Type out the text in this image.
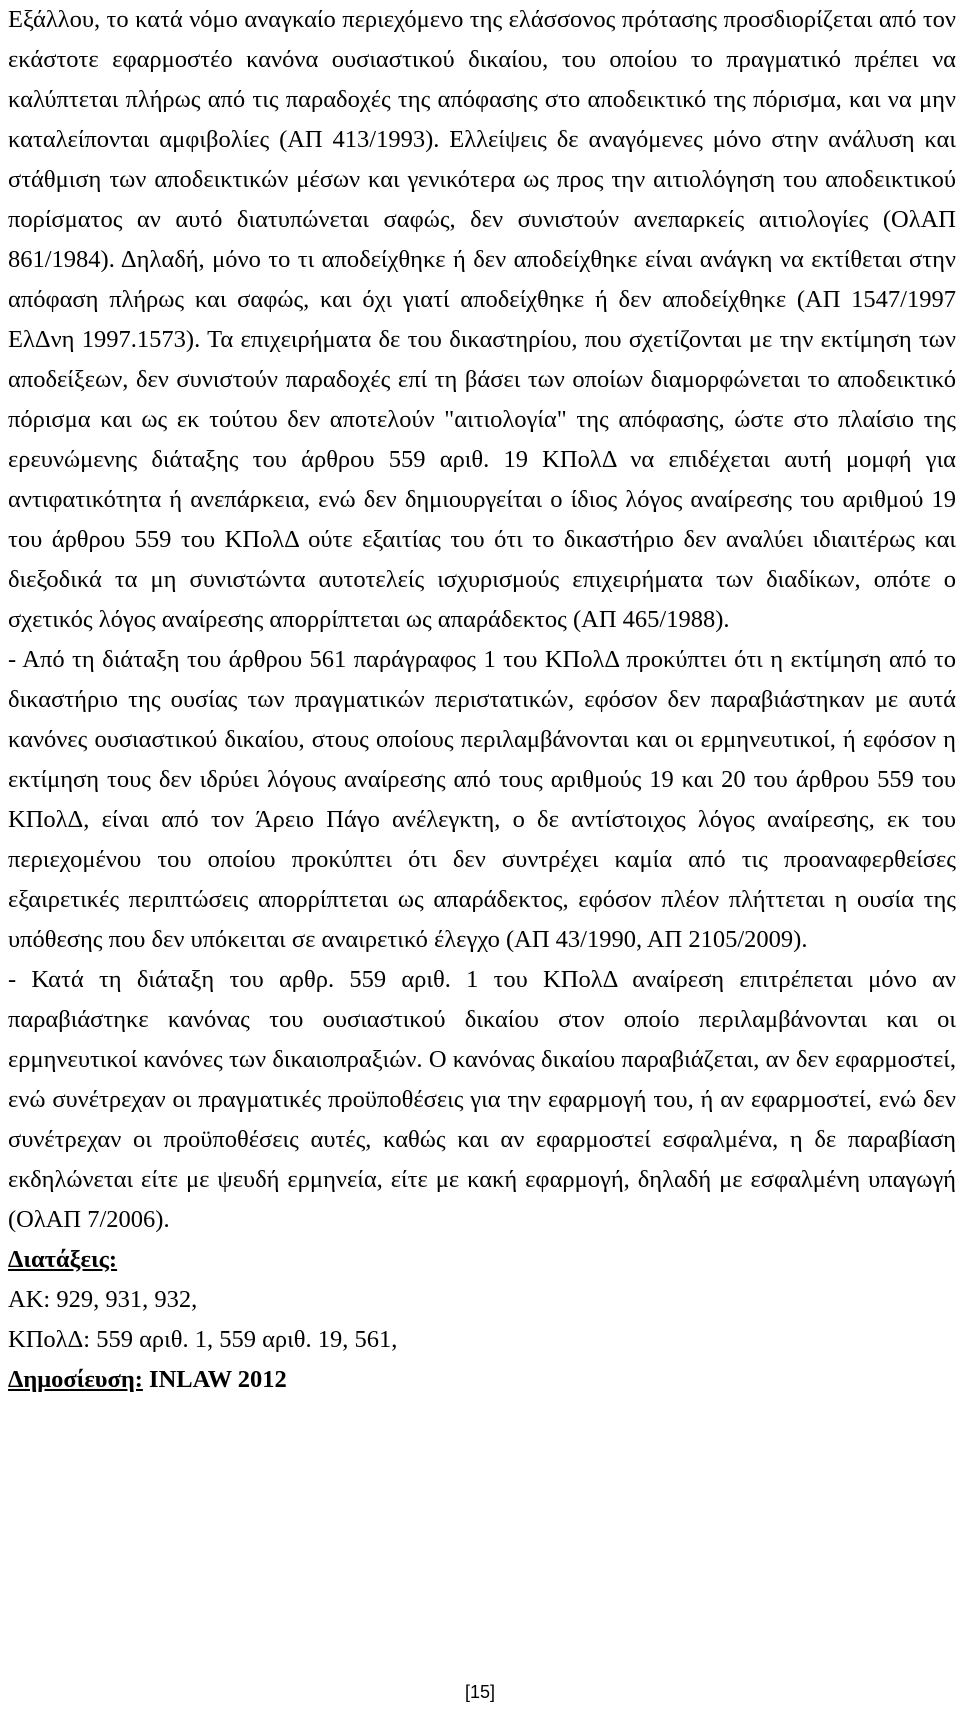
Εξάλλου, το κατά νόμο αναγκαίο περιεχόμενο της ελάσσονος πρότασης προσδιορίζεται από τον εκάστοτε εφαρμοστέο κανόνα ουσιαστικού δικαίου, του οποίου το πραγματικό πρέπει να καλύπτεται πλήρως από τις παραδοχές της απόφασης στο αποδεικτικό της πόρισμα, και να μην καταλείπονται αμφιβολίες (ΑΠ 413/1993). Ελλείψεις δε αναγόμενες μόνο στην ανάλυση και στάθμιση των αποδεικτικών μέσων και γενικότερα ως προς την αιτιολόγηση του αποδεικτικού πορίσματος αν αυτό διατυπώνεται σαφώς, δεν συνιστούν ανεπαρκείς αιτιολογίες (ΟλΑΠ 861/1984). Δηλαδή, μόνο το τι αποδείχθηκε ή δεν αποδείχθηκε είναι ανάγκη να εκτίθεται στην απόφαση πλήρως και σαφώς, και όχι γιατί αποδείχθηκε ή δεν αποδείχθηκε (ΑΠ 1547/1997 ΕλΔνη 1997.1573). Τα επιχειρήματα δε του δικαστηρίου, που σχετίζονται με την εκτίμηση των αποδείξεων, δεν συνιστούν παραδοχές επί τη βάσει των οποίων διαμορφώνεται το αποδεικτικό πόρισμα και ως εκ τούτου δεν αποτελούν "αιτιολογία" της απόφασης, ώστε στο πλαίσιο της ερευνώμενης διάταξης του άρθρου 559 αριθ. 19 ΚΠολΔ να επιδέχεται αυτή μομφή για αντιφατικότητα ή ανεπάρκεια, ενώ δεν δημιουργείται ο ίδιος λόγος αναίρεσης του αριθμού 19 του άρθρου 559 του ΚΠολΔ ούτε εξαιτίας του ότι το δικαστήριο δεν αναλύει ιδιαιτέρως και διεξοδικά τα μη συνιστώντα αυτοτελείς ισχυρισμούς επιχειρήματα των διαδίκων, οπότε ο σχετικός λόγος αναίρεσης απορρίπτεται ως απαράδεκτος (ΑΠ 465/1988).

- Από τη διάταξη του άρθρου 561 παράγραφος 1 του ΚΠολΔ προκύπτει ότι η εκτίμηση από το δικαστήριο της ουσίας των πραγματικών περιστατικών, εφόσον δεν παραβιάστηκαν με αυτά κανόνες ουσιαστικού δικαίου, στους οποίους περιλαμβάνονται και οι ερμηνευτικοί, ή εφόσον η εκτίμηση τους δεν ιδρύει λόγους αναίρεσης από τους αριθμούς 19 και 20 του άρθρου 559 του ΚΠολΔ, είναι από τον Άρειο Πάγο ανέλεγκτη, ο δε αντίστοιχος λόγος αναίρεσης, εκ του περιεχομένου του οποίου προκύπτει ότι δεν συντρέχει καμία από τις προαναφερθείσες εξαιρετικές περιπτώσεις απορρίπτεται ως απαράδεκτος, εφόσον πλέον πλήττεται η ουσία της υπόθεσης που δεν υπόκειται σε αναιρετικό έλεγχο (ΑΠ 43/1990, ΑΠ 2105/2009).

- Κατά τη διάταξη του αρθρ. 559 αριθ. 1 του ΚΠολΔ αναίρεση επιτρέπεται μόνο αν παραβιάστηκε κανόνας του ουσιαστικού δικαίου στον οποίο περιλαμβάνονται και οι ερμηνευτικοί κανόνες των δικαιοπραξιών. Ο κανόνας δικαίου παραβιάζεται, αν δεν εφαρμοστεί, ενώ συνέτρεχαν οι πραγματικές προϋποθέσεις για την εφαρμογή του, ή αν εφαρμοστεί, ενώ δεν συνέτρεχαν οι προϋποθέσεις αυτές, καθώς και αν εφαρμοστεί εσφαλμένα, η δε παραβίαση εκδηλώνεται είτε με ψευδή ερμηνεία, είτε με κακή εφαρμογή, δηλαδή με εσφαλμένη υπαγωγή (ΟλΑΠ 7/2006).

Διατάξεις:

ΑΚ: 929, 931, 932,

ΚΠολΔ: 559 αριθ. 1, 559 αριθ. 19, 561,

Δημοσίευση: INLAW 2012

[15]
